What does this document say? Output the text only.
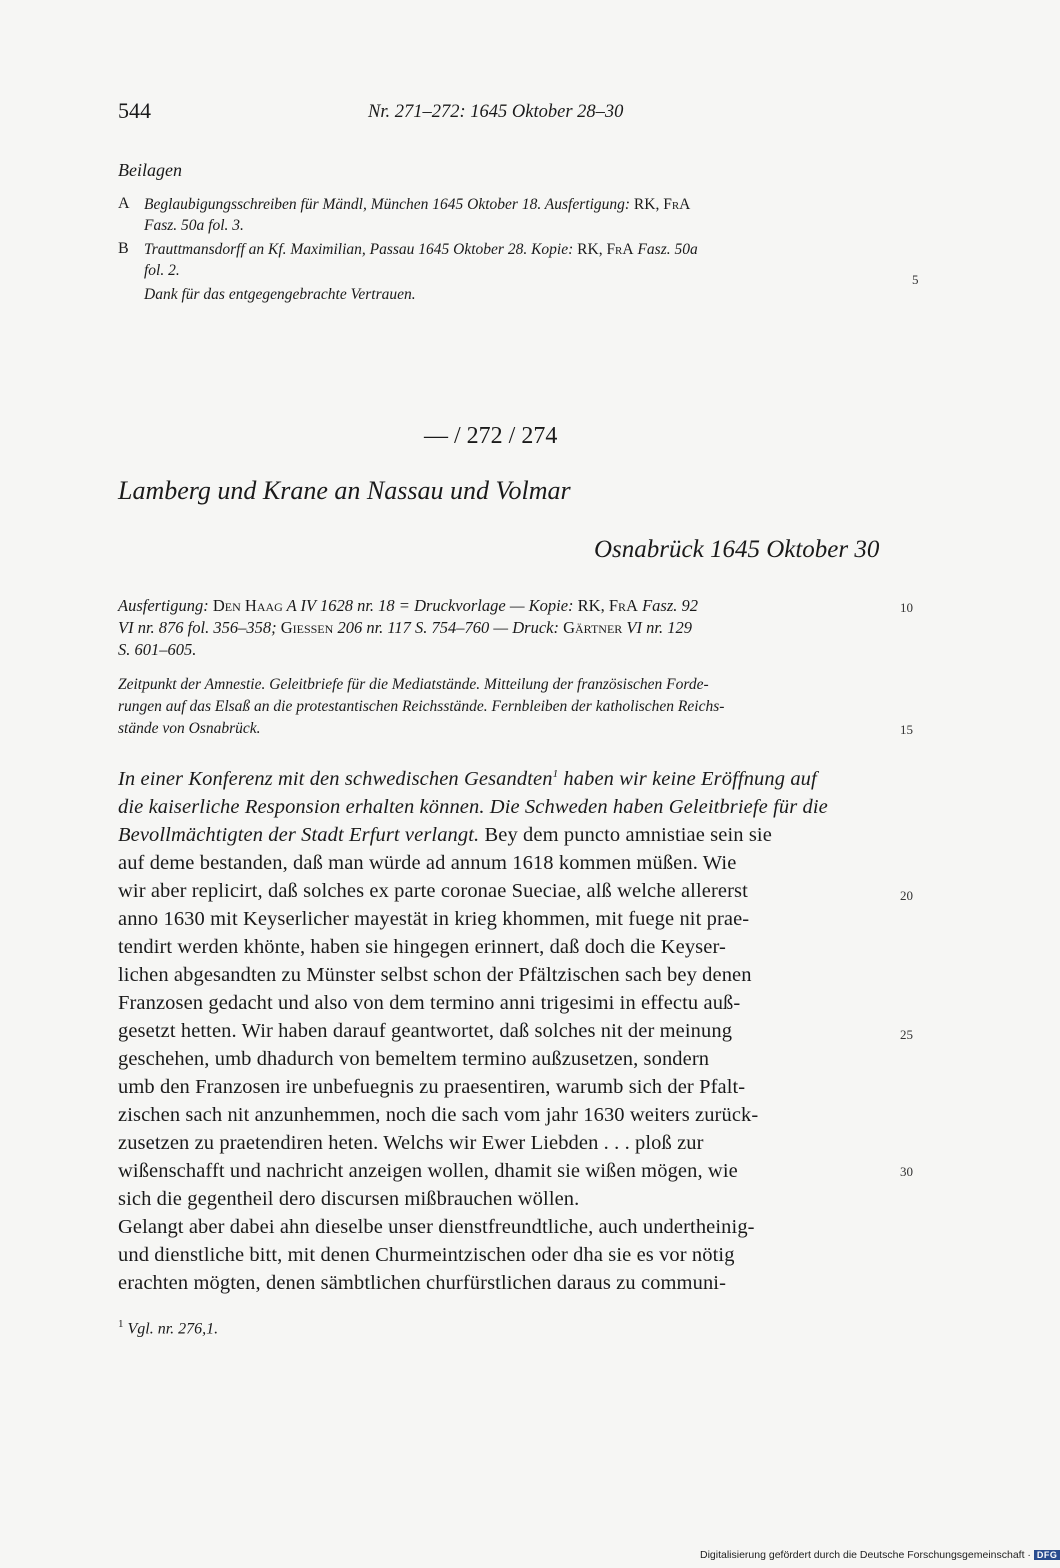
544	Nr. 271–272: 1645 Oktober 28–30
Beilagen
A Beglaubigungsschreiben für Mändl, München 1645 Oktober 18. Ausfertigung: RK, FrA
Fasz. 50a fol. 3.
B Trauttmansdorff an Kf. Maximilian, Passau 1645 Oktober 28. Kopie: RK, FrA Fasz. 50a
fol. 2.
Dank für das entgegengebrachte Vertrauen.
— / 272 / 274
Lamberg und Krane an Nassau und Volmar
Osnabrück 1645 Oktober 30
Ausfertigung: Den Haag A IV 1628 nr. 18 = Druckvorlage — Kopie: RK, FrA Fasz. 92
VI nr. 876 fol. 356–358; Giessen 206 nr. 117 S. 754–760 — Druck: Gärtner VI nr. 129
S. 601–605.
Zeitpunkt der Amnestie. Geleitbriefe für die Mediatstände. Mitteilung der französischen Forde-
rungen auf das Elsaß an die protestantischen Reichsstände. Fernbleiben der katholischen Reichs-
stände von Osnabrück.
In einer Konferenz mit den schwedischen Gesandten$^1$ haben wir keine Eröffnung auf
die kaiserliche Responsion erhalten können. Die Schweden haben Geleitbriefe für die
Bevollmächtigten der Stadt Erfurt verlangt. Bey dem puncto amnistiae sein sie
auf deme bestanden, daß man würde ad annum 1618 kommen müßen. Wie
wir aber replicirt, daß solches ex parte coronae Sueciae, alß welche allererst
anno 1630 mit Keyserlicher mayestät in krieg khommen, mit fuege nit prae-
tendirt werden khönte, haben sie hingegen erinnert, daß doch die Keyser-
lichen abgesandten zu Münster selbst schon der Pfältzischen sach bey denen
Franzosen gedacht und also von dem termino anni trigesimi in effectu auß-
gesetzt hetten. Wir haben darauf geantwortet, daß solches nit der meinung
geschehen, umb dhadurch von bemeltem termino außzusetzen, sondern
umb den Franzosen ire unbefuegnis zu praesentiren, warumb sich der Pfalt-
zischen sach nit anzunhemmen, noch die sach vom jahr 1630 weiters zurück-
zusetzen zu praetendiren heten. Welchs wir Ewer Liebden . . . ploß zur
wißenschafft und nachricht anzeigen wollen, dhamit sie wißen mögen, wie
sich die gegentheil dero discursen mißbrauchen wöllen.
Gelangt aber dabei ahn dieselbe unser dienstfreundtliche, auch undertheinig-
und dienstliche bitt, mit denen Churmeintzischen oder dha sie es vor nötig
erachten mögten, denen sämbtlichen churfürstlichen daraus zu communi-
5
10
15
20
25
30
$^1$ Vgl. nr. 276,1.
Digitalisierung gefördert durch die Deutsche Forschungsgemeinschaft · DFG
